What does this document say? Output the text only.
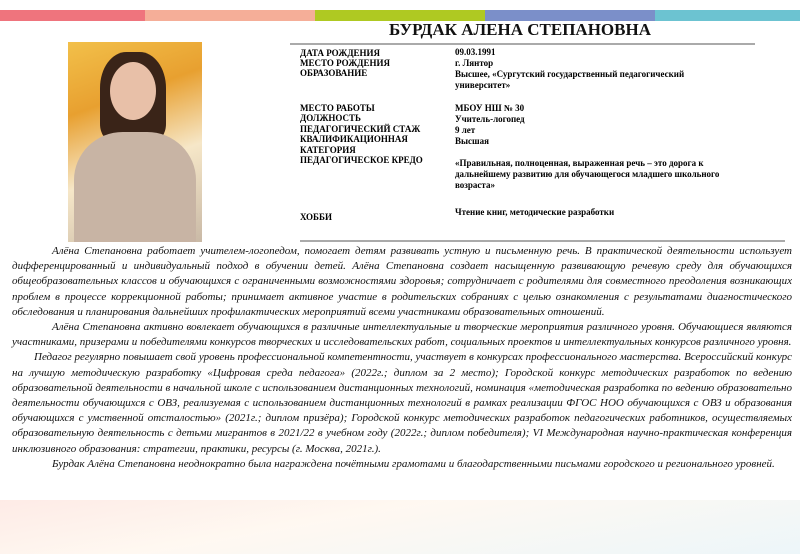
БУРДАК АЛЕНА СТЕПАНОВНА
ДАТА РОЖДЕНИЯ
МЕСТО РОЖДЕНИЯ
ОБРАЗОВАНИЕ
МЕСТО РАБОТЫ
ДОЛЖНОСТЬ
ПЕДАГОГИЧЕСКИЙ СТАЖ
КВАЛИФИКАЦИОННАЯ КАТЕГОРИЯ
ПЕДАГОГИЧЕСКОЕ КРЕДО
ХОББИ
09.03.1991
г. Лянтор
Высшее, «Сургутский государственный педагогический университет»
МБОУ НШ № 30
Учитель-логопед
9 лет
Высшая
«Правильная, полноценная, выраженная речь – это дорога к дальнейшему развитию для обучающегося младшего школьного возраста»
Чтение книг, методические разработки

Алёна Степановна работает учителем-логопедом, помогает детям развивать устную и письменную речь. В практической деятельности использует дифференцированный и индивидуальный подход в обучении детей. Алёна Степановна создает насыщенную развивающую речевую среду для обучающихся общеобразовательных классов и обучающихся с ограниченными возможностями здоровья; сотрудничает с родителями для совместного преодоления возникающих проблем в процессе коррекционной работы; принимает активное участие в родительских собраниях с целью ознакомления с результатами диагностического обследования и планирования дальнейших профилактических мероприятий всеми участниками образовательных отношений.

Алёна Степановна активно вовлекает обучающихся в различные интеллектуальные и творческие мероприятия различного уровня. Обучающиеся являются участниками, призерами и победителями конкурсов творческих и исследовательских работ, социальных проектов и интеллектуальных конкурсов различного уровня.

Педагог регулярно повышает свой уровень профессиональной компетентности, участвует в конкурсах профессионального мастерства. Всероссийский конкурс на лучшую методическую разработку «Цифровая среда педагога» (2022г.; диплом за 2 место); Городской конкурс методических разработок по ведению образовательной деятельности в начальной школе с использованием дистанционных технологий, номинация «методическая разработка по ведению образовательно деятельности обучающихся с ОВЗ, реализуемая с использованием дистанционных технологий в рамках реализации ФГОС НОО обучающихся с ОВЗ и образования обучающихся с умственной отсталостью» (2021г.; диплом призёра); Городской конкурс методических разработок педагогических работников, осуществляемых образовательную деятельность с детьми мигрантов в 2021/22 в учебном году (2022г.; диплом победителя); VI Международная научно-практическая конференция инклюзивного образования: стратегии, практики, ресурсы (г. Москва, 2021г.).

Бурдак Алёна Степановна неоднократно была награждена почётными грамотами и благодарственными письмами городского и регионального уровней.
